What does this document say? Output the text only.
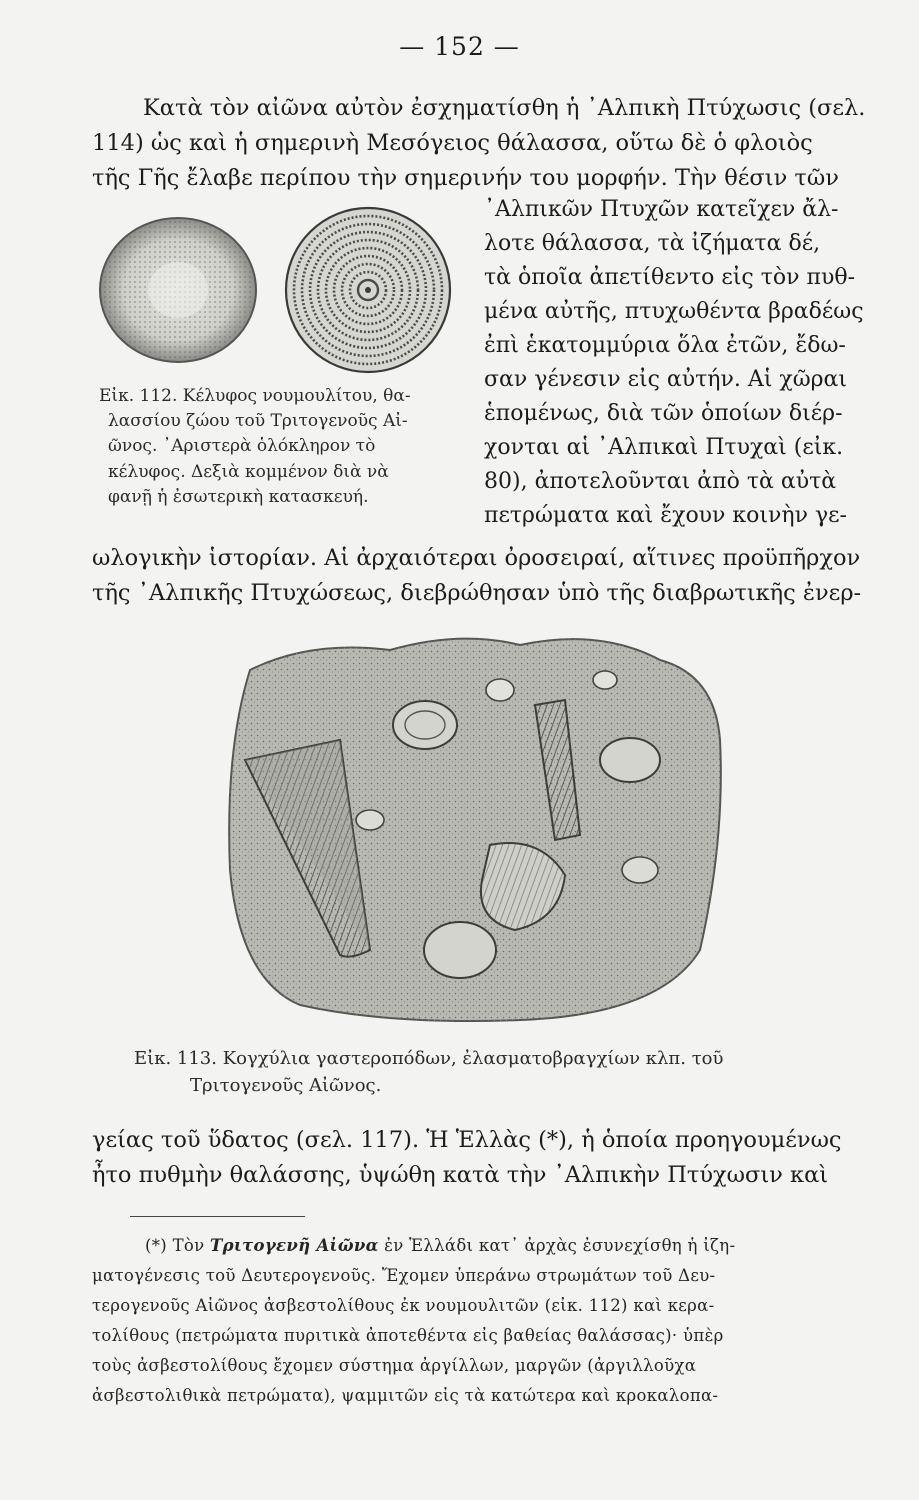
— 152 —
Κατὰ τὸν αἰῶνα αὐτὸν ἐσχηματίσθη ἡ ᾿Αλπικὴ Πτύχωσις (σελ.
114) ὡς καὶ ἡ σημερινὴ Μεσόγειος θάλασσα, οὕτω δὲ ὁ φλοιὸς
τῆς Γῆς ἔλαβε περίπου τὴν σημερινήν του μορφήν. Τὴν θέσιν τῶν
᾿Αλπικῶν Πτυχῶν κατεῖχεν ἄλ-
λοτε θάλασσα, τὰ ἰζήματα δέ,
τὰ ὁποῖα ἀπετίθεντο εἰς τὸν πυθ-
μένα αὐτῆς, πτυχωθέντα βραδέως
ἐπὶ ἑκατομμύρια ὅλα ἐτῶν, ἔδω-
σαν γένεσιν εἰς αὐτήν. Αἱ χῶραι
ἑπομένως, διὰ τῶν ὁποίων διέρ-
χονται αἱ ᾿Αλπικαὶ Πτυχαὶ (εἰκ.
80), ἀποτελοῦνται ἀπὸ τὰ αὐτὰ
πετρώματα καὶ ἔχουν κοινὴν γε-
Εἰκ. 112. Κέλυφος νουμουλίτου, θα-
λασσίου ζώου τοῦ Τριτογενοῦς Αἰ-
ῶνος. ᾿Αριστερὰ ὁλόκληρον τὸ
κέλυφος. Δεξιὰ κομμένον διὰ νὰ
φανῇ ἡ ἐσωτερικὴ κατασκευή.
ωλογικὴν ἱστορίαν. Αἱ ἀρχαιότεραι ὀροσειραί, αἵτινες προϋπῆρχον
τῆς ᾿Αλπικῆς Πτυχώσεως, διεβρώθησαν ὑπὸ τῆς διαβρωτικῆς ἐνερ-
Εἰκ. 113. Κογχύλια γαστεροπόδων, ἐλασματοβραγχίων κλπ. τοῦ
Τριτογενοῦς Αἰῶνος.
γείας τοῦ ὕδατος (σελ. 117). Ἡ Ἑλλὰς (*), ἡ ὁποία προηγουμένως
ἦτο πυθμὴν θαλάσσης, ὑψώθη κατὰ τὴν ᾿Αλπικὴν Πτύχωσιν καὶ
(*) Τὸν Τριτογενῆ Αἰῶνα ἐν Ἑλλάδι κατ᾿ ἀρχὰς ἐσυνεχίσθη ἡ ἰζη-
ματογένεσις τοῦ Δευτερογενοῦς. Ἔχομεν ὑπεράνω στρωμάτων τοῦ Δευ-
τερογενοῦς Αἰῶνος ἀσβεστολίθους ἐκ νουμουλιτῶν (εἰκ. 112) καὶ κερα-
τολίθους (πετρώματα πυριτικὰ ἀποτεθέντα εἰς βαθείας θαλάσσας)· ὑπὲρ
τοὺς ἀσβεστολίθους ἔχομεν σύστημα ἀργίλλων, μαργῶν (ἀργιλλοῦχα
ἀσβεστολιθικὰ πετρώματα), ψαμμιτῶν εἰς τὰ κατώτερα καὶ κροκαλοπα-
